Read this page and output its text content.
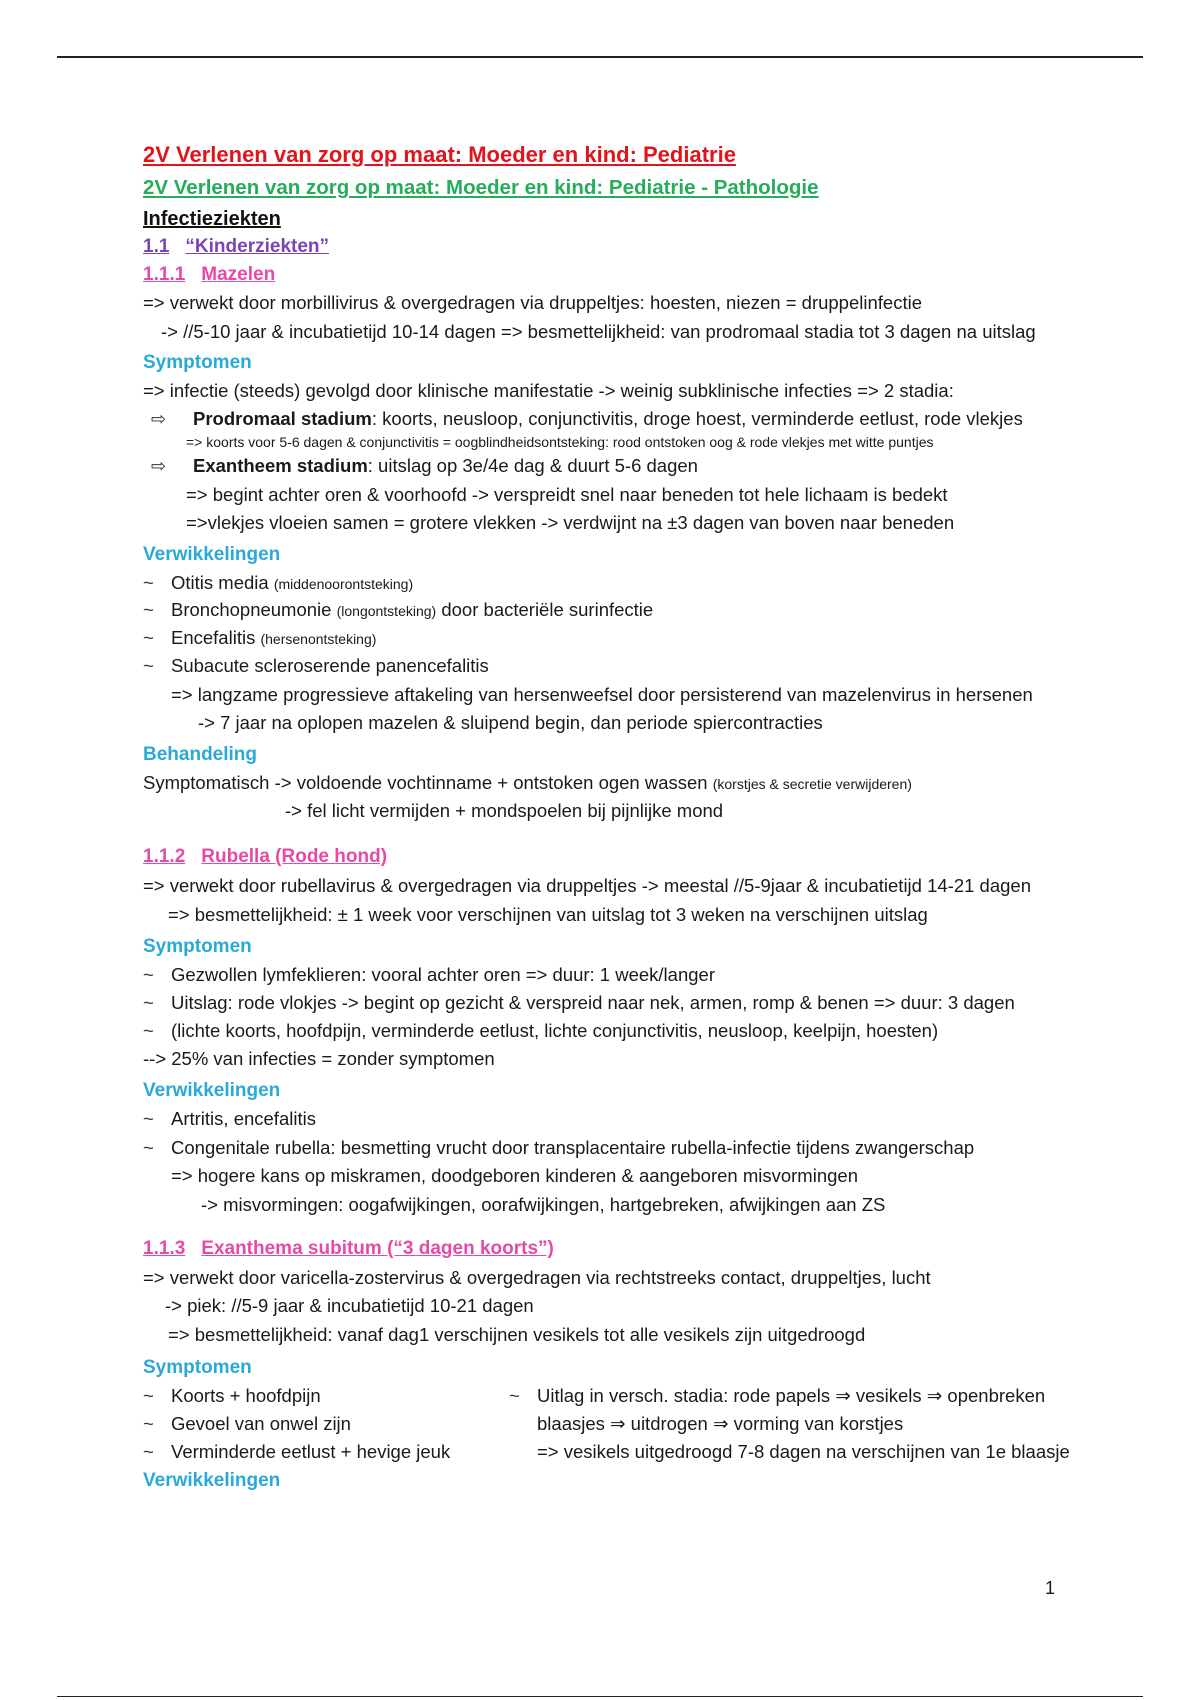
2V Verlenen van zorg op maat: Moeder en kind: Pediatrie
2V Verlenen van zorg op maat: Moeder en kind: Pediatrie - Pathologie
Infectieziekten
1.1 “Kinderziekten”
1.1.1 Mazelen
=> verwekt door morbillivirus & overgedragen via druppeltjes: hoesten, niezen = druppelinfectie
-> //5-10 jaar & incubatietijd 10-14 dagen => besmettelijkheid: van prodromaal stadia tot 3 dagen na uitslag
Symptomen
=> infectie (steeds) gevolgd door klinische manifestatie -> weinig subklinische infecties => 2 stadia:
⇨ Prodromaal stadium: koorts, neusloop, conjunctivitis, droge hoest, verminderde eetlust, rode vlekjes
=> koorts voor 5-6 dagen & conjunctivitis = oogblindheidsontsteking: rood ontstoken oog & rode vlekjes met witte puntjes
⇨ Exantheem stadium: uitslag op 3e/4e dag & duurt 5-6 dagen
=> begint achter oren & voorhoofd -> verspreidt snel naar beneden tot hele lichaam is bedekt
=>vlekjes vloeien samen = grotere vlekken -> verdwijnt na ±3 dagen van boven naar beneden
Verwikkelingen
~ Otitis media (middenoorontsteking)
~ Bronchopneumonie (longontsteking) door bacteriële surinfectie
~ Encefalitis (hersenontsteking)
~ Subacute scleroserende panencefalitis
=> langzame progressieve aftakeling van hersenweefsel door persisterend van mazelenvirus in hersenen
-> 7 jaar na oplopen mazelen & sluipend begin, dan periode spiercontracties
Behandeling
Symptomatisch -> voldoende vochtinname + ontstoken ogen wassen (korstjes & secretie verwijderen)
-> fel licht vermijden + mondspoelen bij pijnlijke mond
1.1.2 Rubella (Rode hond)
=> verwekt door rubellavirus & overgedragen via druppeltjes -> meestal //5-9jaar & incubatietijd 14-21 dagen
=> besmettelijkheid: ± 1 week voor verschijnen van uitslag tot 3 weken na verschijnen uitslag
Symptomen
~ Gezwollen lymfeklieren: vooral achter oren => duur: 1 week/langer
~ Uitslag: rode vlokjes -> begint op gezicht & verspreid naar nek, armen, romp & benen => duur: 3 dagen
~ (lichte koorts, hoofdpijn, verminderde eetlust, lichte conjunctivitis, neusloop, keelpijn, hoesten)
--> 25% van infecties = zonder symptomen
Verwikkelingen
~ Artritis, encefalitis
~ Congenitale rubella: besmetting vrucht door transplacentaire rubella-infectie tijdens zwangerschap
=> hogere kans op miskramen, doodgeboren kinderen & aangeboren misvormingen
-> misvormingen: oogafwijkingen, oorafwijkingen, hartgebreken, afwijkingen aan ZS
1.1.3 Exanthema subitum (“3 dagen koorts”)
=> verwekt door varicella-zostervirus & overgedragen via rechtstreeks contact, druppeltjes, lucht
-> piek: //5-9 jaar & incubatietijd 10-21 dagen
=> besmettelijkheid: vanaf dag1 verschijnen vesikels tot alle vesikels zijn uitgedroogd
Symptomen
~ Koorts + hoofdpijn
~ Gevoel van onwel zijn
~ Verminderde eetlust + hevige jeuk
~ Uitlag in versch. stadia: rode papels ⇒ vesikels ⇒ openbreken
blaasjes ⇒ uitdrogen ⇒ vorming van korstjes
=> vesikels uitgedroogd 7-8 dagen na verschijnen van 1e blaasje
Verwikkelingen
1
